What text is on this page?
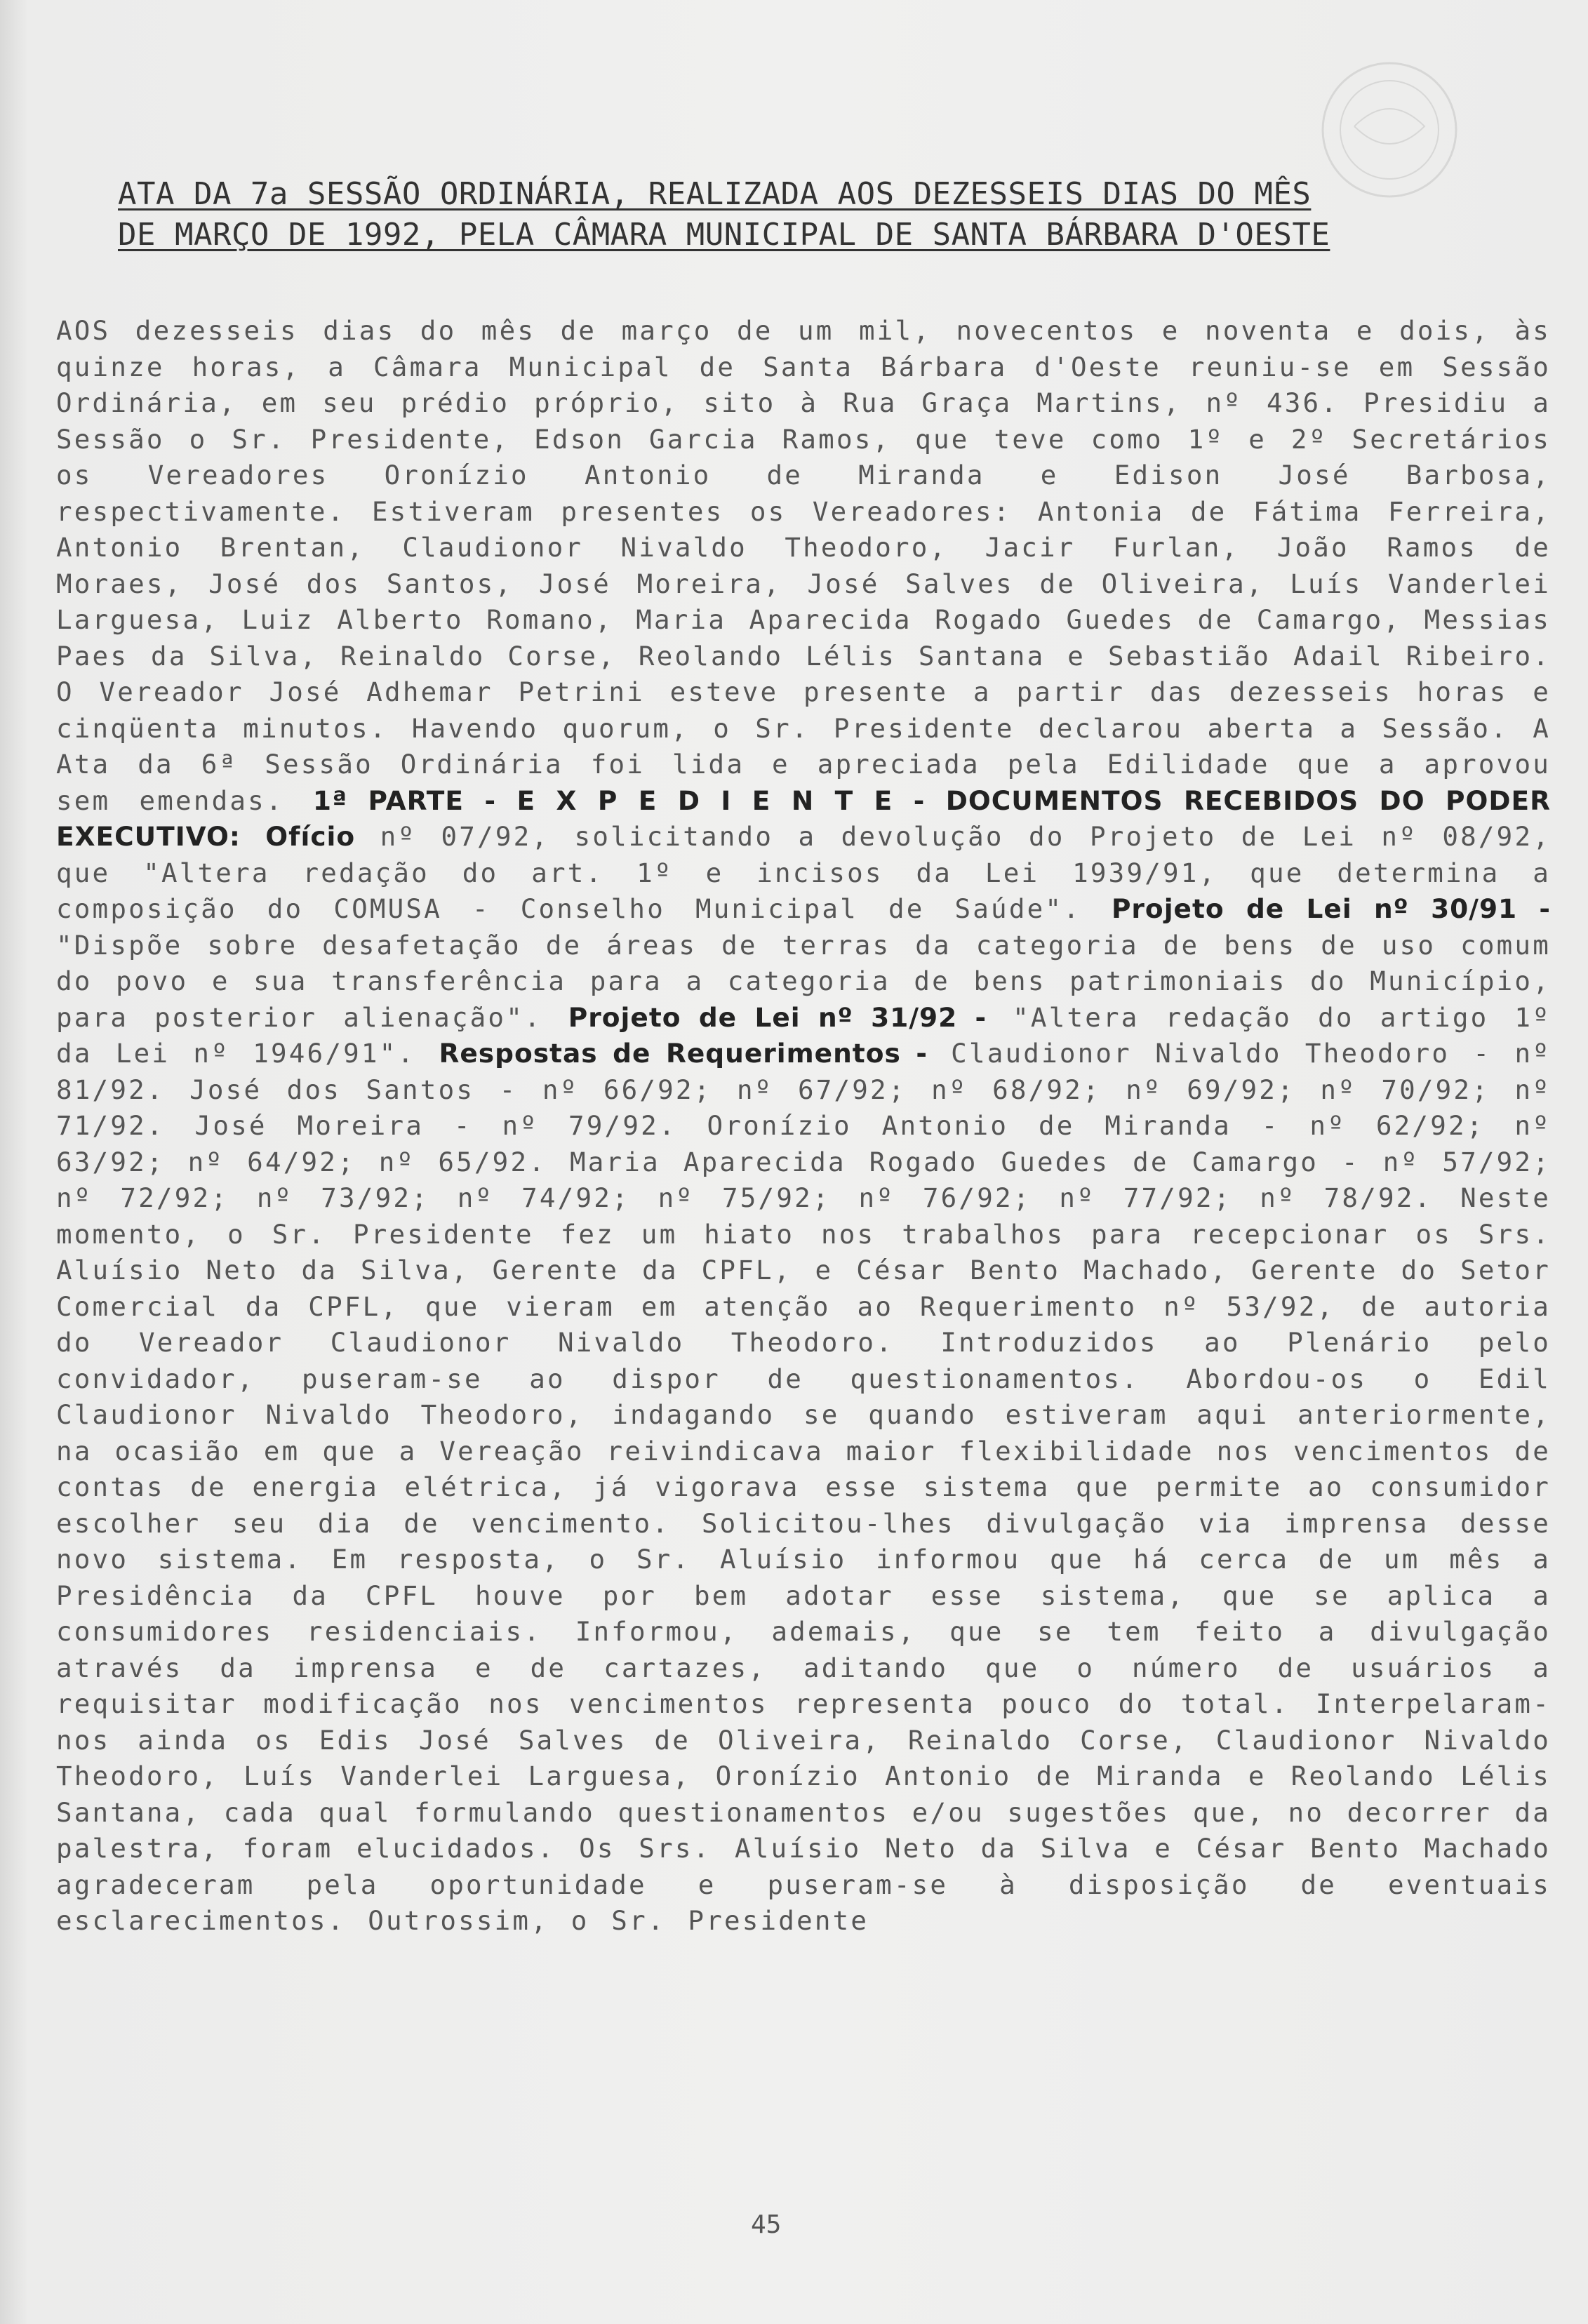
ATA DA 7a SESSÃO ORDINÁRIA, REALIZADA AOS DEZESSEIS DIAS DO MÊS
DE MARÇO DE 1992, PELA CÂMARA MUNICIPAL DE SANTA BÁRBARA D'OESTE
AOS dezesseis dias do mês de março de um mil, novecentos e noventa e dois, às quinze horas, a Câmara Municipal de Santa Bárbara d'Oeste reuniu-se em Sessão Ordinária, em seu prédio próprio, sito à Rua Graça Martins, nº 436. Presidiu a Sessão o Sr. Presidente, Edson Garcia Ramos, que teve como 1º e 2º Secretários os Vereadores Oronízio Antonio de Miranda e Edison José Barbosa, respectivamente. Estiveram presentes os Vereadores: Antonia de Fátima Ferreira, Antonio Brentan, Claudionor Nivaldo Theodoro, Jacir Furlan, João Ramos de Moraes, José dos Santos, José Moreira, José Salves de Oliveira, Luís Vanderlei Larguesa, Luiz Alberto Romano, Maria Aparecida Rogado Guedes de Camargo, Messias Paes da Silva, Reinaldo Corse, Reolando Lélis Santana e Sebastião Adail Ribeiro. O Vereador José Adhemar Petrini esteve presente a partir das dezesseis horas e cinqüenta minutos. Havendo quorum, o Sr. Presidente declarou aberta a Sessão. A Ata da 6ª Sessão Ordinária foi lida e apreciada pela Edilidade que a aprovou sem emendas. 1ª PARTE - E X P E D I E N T E - DOCUMENTOS RECEBIDOS DO PODER EXECUTIVO: Ofício nº 07/92, solicitando a devolução do Projeto de Lei nº 08/92, que "Altera redação do art. 1º e incisos da Lei 1939/91, que determina a composição do COMUSA - Conselho Municipal de Saúde". Projeto de Lei nº 30/91 - "Dispõe sobre desafetação de áreas de terras da categoria de bens de uso comum do povo e sua transferência para a categoria de bens patrimoniais do Município, para posterior alienação". Projeto de Lei nº 31/92 - "Altera redação do artigo 1º da Lei nº 1946/91". Respostas de Requerimentos - Claudionor Nivaldo Theodoro - nº 81/92. José dos Santos - nº 66/92; nº 67/92; nº 68/92; nº 69/92; nº 70/92; nº 71/92. José Moreira - nº 79/92. Oronízio Antonio de Miranda - nº 62/92; nº 63/92; nº 64/92; nº 65/92. Maria Aparecida Rogado Guedes de Camargo - nº 57/92; nº 72/92; nº 73/92; nº 74/92; nº 75/92; nº 76/92; nº 77/92; nº 78/92. Neste momento, o Sr. Presidente fez um hiato nos trabalhos para recepcionar os Srs. Aluísio Neto da Silva, Gerente da CPFL, e César Bento Machado, Gerente do Setor Comercial da CPFL, que vieram em atenção ao Requerimento nº 53/92, de autoria do Vereador Claudionor Nivaldo Theodoro. Introduzidos ao Plenário pelo convidador, puseram-se ao dispor de questionamentos. Abordou-os o Edil Claudionor Nivaldo Theodoro, indagando se quando estiveram aqui anteriormente, na ocasião em que a Vereação reivindicava maior flexibilidade nos vencimentos de contas de energia elétrica, já vigorava esse sistema que permite ao consumidor escolher seu dia de vencimento. Solicitou-lhes divulgação via imprensa desse novo sistema. Em resposta, o Sr. Aluísio informou que há cerca de um mês a Presidência da CPFL houve por bem adotar esse sistema, que se aplica a consumidores residenciais. Informou, ademais, que se tem feito a divulgação através da imprensa e de cartazes, aditando que o número de usuários a requisitar modificação nos vencimentos representa pouco do total. Interpelaram-nos ainda os Edis José Salves de Oliveira, Reinaldo Corse, Claudionor Nivaldo Theodoro, Luís Vanderlei Larguesa, Oronízio Antonio de Miranda e Reolando Lélis Santana, cada qual formulando questionamentos e/ou sugestões que, no decorrer da palestra, foram elucidados. Os Srs. Aluísio Neto da Silva e César Bento Machado agradeceram pela oportunidade e puseram-se à disposição de eventuais esclarecimentos. Outrossim, o Sr. Presidente
45
